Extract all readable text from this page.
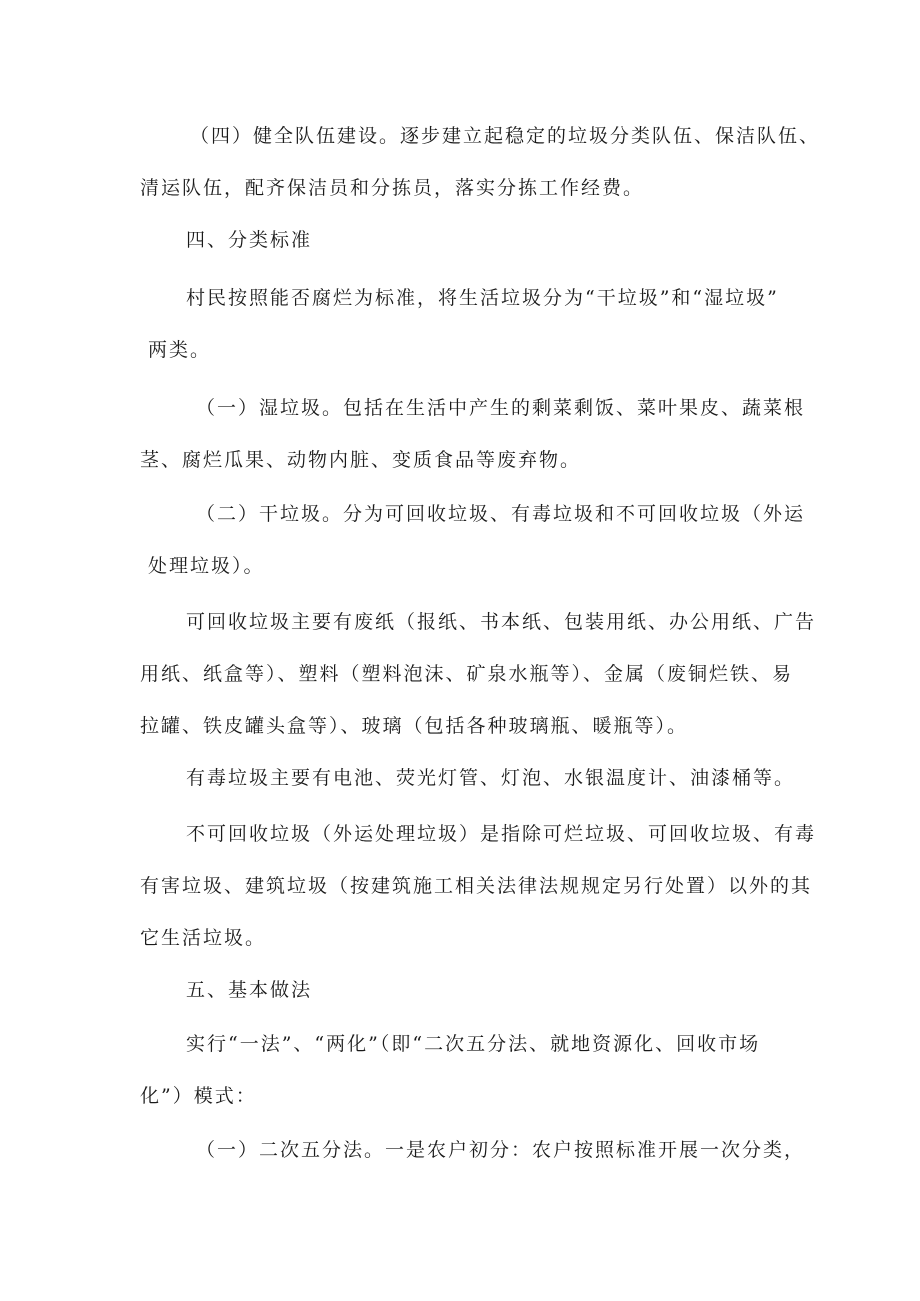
（四）健全队伍建设。逐步建立起稳定的垃圾分类队伍、保洁队伍、
清运队伍，配齐保洁员和分拣员，落实分拣工作经费。
四、分类标准
村民按照能否腐烂为标准，将生活垃圾分为“干垃圾”和“湿垃圾”
两类。
（一）湿垃圾。包括在生活中产生的剩菜剩饭、菜叶果皮、蔬菜根
茎、腐烂瓜果、动物内脏、变质食品等废弃物。
（二）干垃圾。分为可回收垃圾、有毒垃圾和不可回收垃圾（外运
处理垃圾）。
可回收垃圾主要有废纸（报纸、书本纸、包装用纸、办公用纸、广告
用纸、纸盒等）、塑料（塑料泡沫、矿泉水瓶等）、金属（废铜烂铁、易
拉罐、铁皮罐头盒等）、玻璃（包括各种玻璃瓶、暖瓶等）。
有毒垃圾主要有电池、荧光灯管、灯泡、水银温度计、油漆桶等。
不可回收垃圾（外运处理垃圾）是指除可烂垃圾、可回收垃圾、有毒
有害垃圾、建筑垃圾（按建筑施工相关法律法规规定另行处置）以外的其
它生活垃圾。
五、基本做法
实行“一法”、“两化”（即“二次五分法、就地资源化、回收市场
化”）模式：
（一）二次五分法。一是农户初分：农户按照标准开展一次分类，
